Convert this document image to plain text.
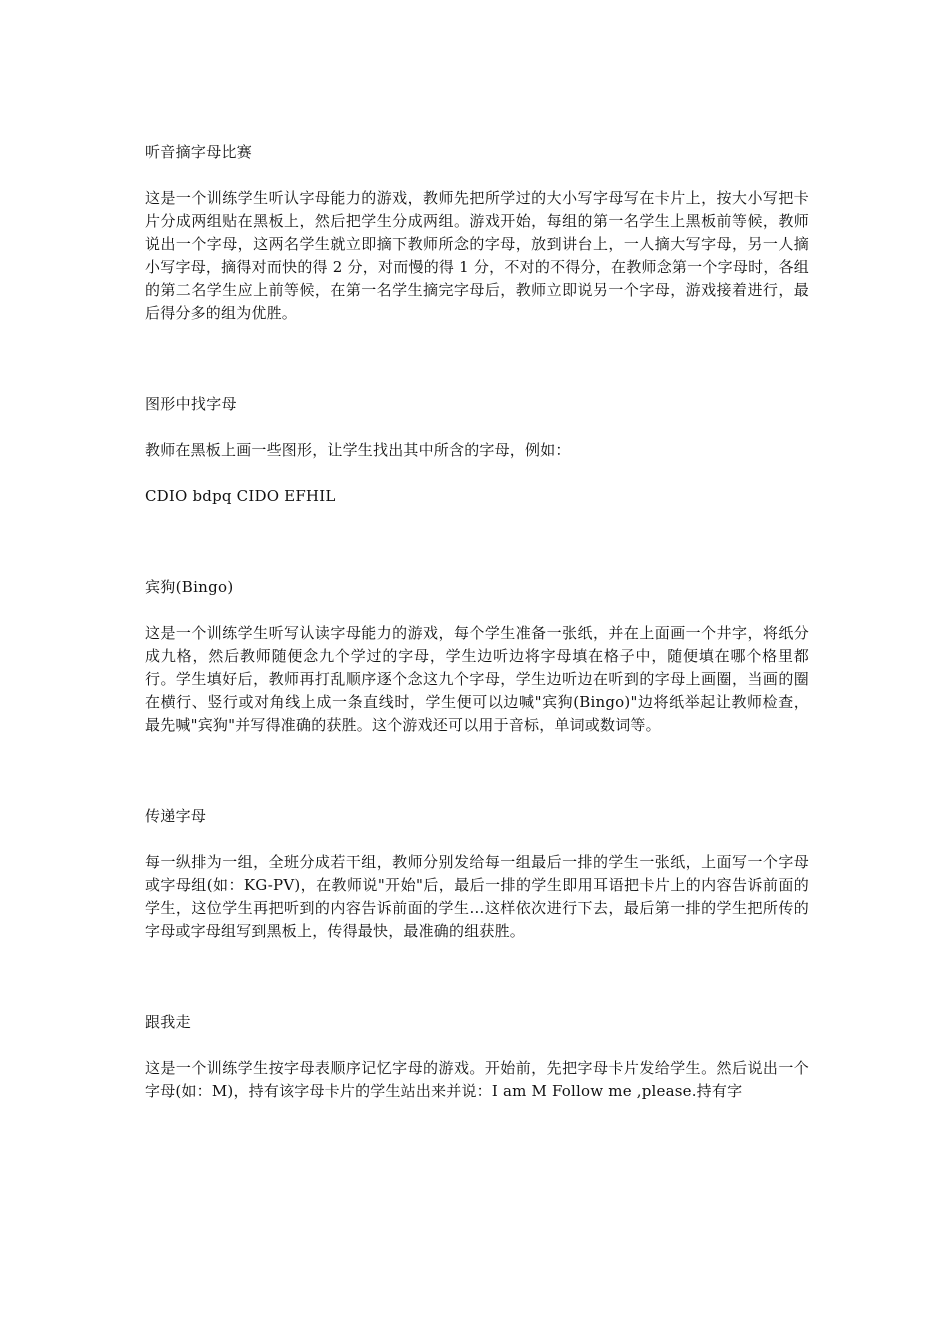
听音摘字母比赛

这是一个训练学生听认字母能力的游戏，教师先把所学过的大小写字母写在卡片上，按大小写把卡片分成两组贴在黑板上，然后把学生分成两组。游戏开始，每组的第一名学生上黑板前等候，教师说出一个字母，这两名学生就立即摘下教师所念的字母，放到讲台上，一人摘大写字母，另一人摘小写字母，摘得对而快的得 2 分，对而慢的得 1 分，不对的不得分，在教师念第一个字母时，各组的第二名学生应上前等候，在第一名学生摘完字母后，教师立即说另一个字母，游戏接着进行，最后得分多的组为优胜。

图形中找字母

教师在黑板上画一些图形，让学生找出其中所含的字母，例如：

CDIO bdpq CIDO EFHIL

宾狗(Bingo)

这是一个训练学生听写认读字母能力的游戏，每个学生准备一张纸，并在上面画一个井字，将纸分成九格，然后教师随便念九个学过的字母，学生边听边将字母填在格子中，随便填在哪个格里都行。学生填好后，教师再打乱顺序逐个念这九个字母，学生边听边在听到的字母上画圈，当画的圈在横行、竖行或对角线上成一条直线时，学生便可以边喊"宾狗(Bingo)"边将纸举起让教师检查，最先喊"宾狗"并写得准确的获胜。这个游戏还可以用于音标，单词或数词等。

传递字母

每一纵排为一组，全班分成若干组，教师分别发给每一组最后一排的学生一张纸，上面写一个字母或字母组(如：KG-PV)，在教师说"开始"后，最后一排的学生即用耳语把卡片上的内容告诉前面的学生，这位学生再把听到的内容告诉前面的学生…这样依次进行下去，最后第一排的学生把所传的字母或字母组写到黑板上，传得最快，最准确的组获胜。

跟我走

这是一个训练学生按字母表顺序记忆字母的游戏。开始前，先把字母卡片发给学生。然后说出一个字母(如：M)，持有该字母卡片的学生站出来并说：I am M Follow me ,please.持有字
